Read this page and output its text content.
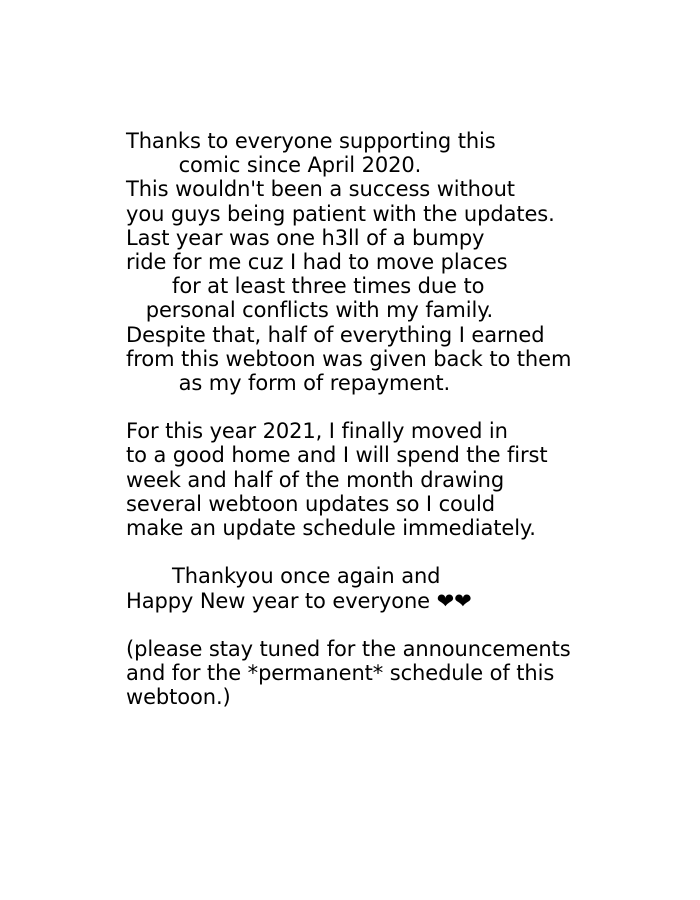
Thanks to everyone supporting this
comic since April 2020.
This wouldn't been a success without
you guys being patient with the updates.
Last year was one h3ll of a bumpy
ride for me cuz I had to move places
for at least three times due to
personal conflicts with my family.
Despite that, half of everything I earned
from this webtoon was given back to them
as my form of repayment.
For this year 2021, I finally moved in
to a good home and I will spend the first
week and half of the month drawing
several webtoon updates so I could
make an update schedule immediately.
Thankyou once again and
Happy New year to everyone ❤❤
(please stay tuned for the announcements
and for the *permanent* schedule of this
webtoon.)
